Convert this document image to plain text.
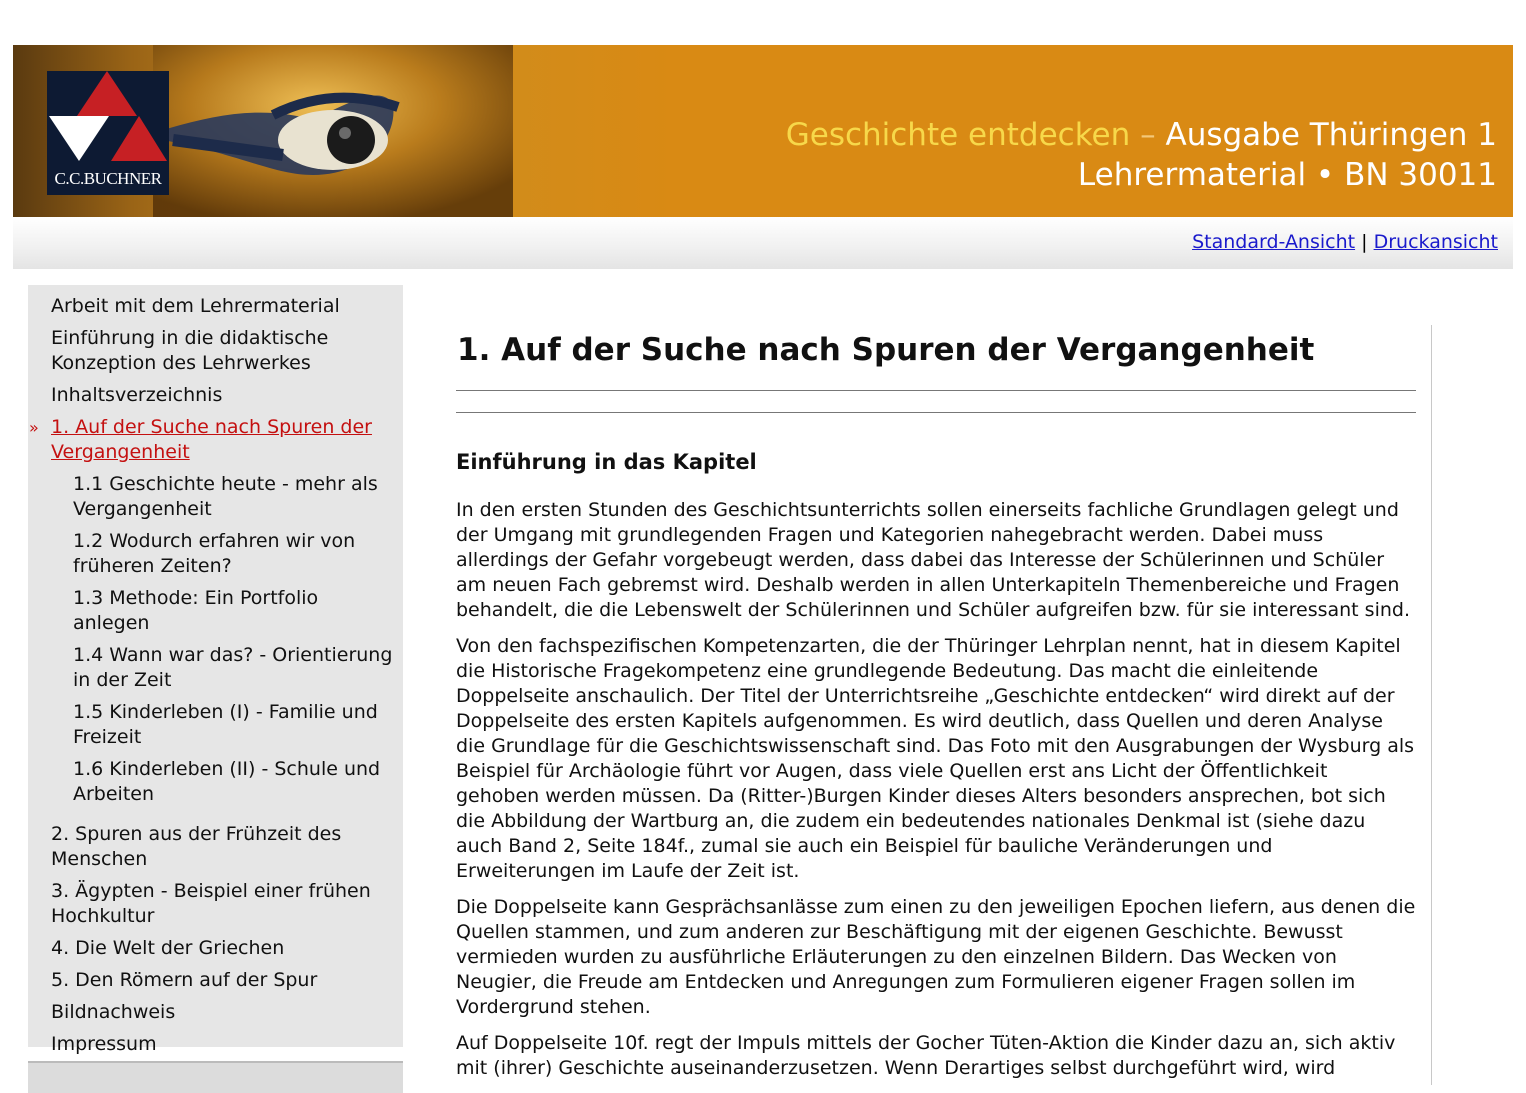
C.C.BUCHNER
Geschichte entdecken – Ausgabe Thüringen 1
Lehrermaterial • BN 30011
Standard-Ansicht | Druckansicht
Arbeit mit dem Lehrermaterial
Einführung in die didaktische Konzeption des Lehrwerkes
Inhaltsverzeichnis
» 1. Auf der Suche nach Spuren der Vergangenheit
1.1 Geschichte heute - mehr als Vergangenheit
1.2 Wodurch erfahren wir von früheren Zeiten?
1.3 Methode: Ein Portfolio anlegen
1.4 Wann war das? - Orientierung in der Zeit
1.5 Kinderleben (I) - Familie und Freizeit
1.6 Kinderleben (II) - Schule und Arbeiten
2. Spuren aus der Frühzeit des Menschen
3. Ägypten - Beispiel einer frühen Hochkultur
4. Die Welt der Griechen
5. Den Römern auf der Spur
Bildnachweis
Impressum
1. Auf der Suche nach Spuren der Vergangenheit
Einführung in das Kapitel

In den ersten Stunden des Geschichtsunterrichts sollen einerseits fachliche Grundlagen gelegt und der Umgang mit grundlegenden Fragen und Kategorien nahegebracht werden. Dabei muss allerdings der Gefahr vorgebeugt werden, dass dabei das Interesse der Schülerinnen und Schüler am neuen Fach gebremst wird. Deshalb werden in allen Unterkapiteln Themenbereiche und Fragen behandelt, die die Lebenswelt der Schülerinnen und Schüler aufgreifen bzw. für sie interessant sind.

Von den fachspezifischen Kompetenzarten, die der Thüringer Lehrplan nennt, hat in diesem Kapitel die Historische Fragekompetenz eine grundlegende Bedeutung. Das macht die einleitende Doppelseite anschaulich. Der Titel der Unterrichtsreihe „Geschichte entdecken“ wird direkt auf der Doppelseite des ersten Kapitels aufgenommen. Es wird deutlich, dass Quellen und deren Analyse die Grundlage für die Geschichtswissenschaft sind. Das Foto mit den Ausgrabungen der Wysburg als Beispiel für Archäologie führt vor Augen, dass viele Quellen erst ans Licht der Öffentlichkeit gehoben werden müssen. Da (Ritter-)Burgen Kinder dieses Alters besonders ansprechen, bot sich die Abbildung der Wartburg an, die zudem ein bedeutendes nationales Denkmal ist (siehe dazu auch Band 2, Seite 184f., zumal sie auch ein Beispiel für bauliche Veränderungen und Erweiterungen im Laufe der Zeit ist.

Die Doppelseite kann Gesprächsanlässe zum einen zu den jeweiligen Epochen liefern, aus denen die Quellen stammen, und zum anderen zur Beschäftigung mit der eigenen Geschichte. Bewusst vermieden wurden zu ausführliche Erläuterungen zu den einzelnen Bildern. Das Wecken von Neugier, die Freude am Entdecken und Anregungen zum Formulieren eigener Fragen sollen im Vordergrund stehen.

Auf Doppelseite 10f. regt der Impuls mittels der Gocher Tüten-Aktion die Kinder dazu an, sich aktiv mit (ihrer) Geschichte auseinanderzusetzen. Wenn Derartiges selbst durchgeführt wird, wird
